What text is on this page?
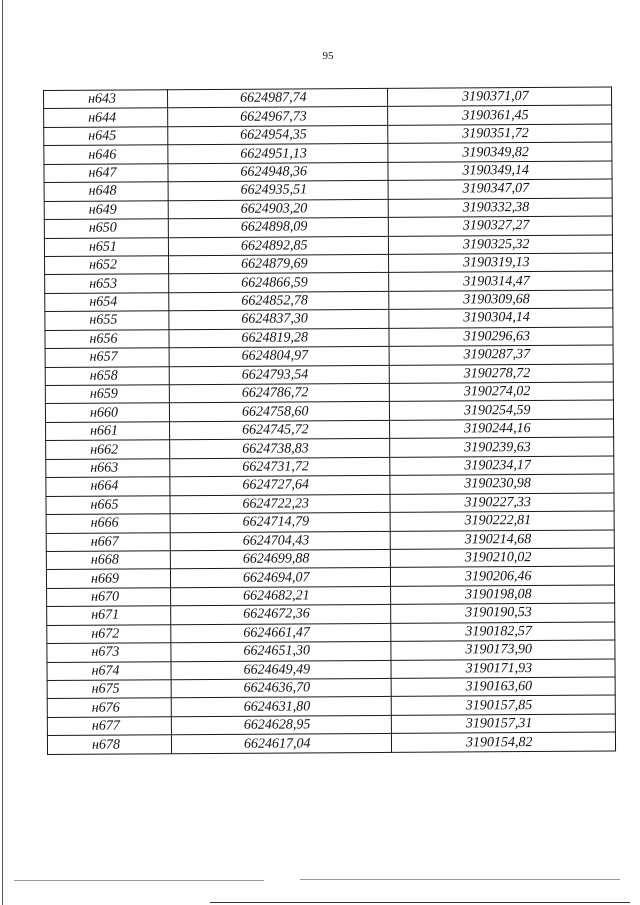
95
н643	6624987,74	3190371,07
н644	6624967,73	3190361,45
н645	6624954,35	3190351,72
н646	6624951,13	3190349,82
н647	6624948,36	3190349,14
н648	6624935,51	3190347,07
н649	6624903,20	3190332,38
н650	6624898,09	3190327,27
н651	6624892,85	3190325,32
н652	6624879,69	3190319,13
н653	6624866,59	3190314,47
н654	6624852,78	3190309,68
н655	6624837,30	3190304,14
н656	6624819,28	3190296,63
н657	6624804,97	3190287,37
н658	6624793,54	3190278,72
н659	6624786,72	3190274,02
н660	6624758,60	3190254,59
н661	6624745,72	3190244,16
н662	6624738,83	3190239,63
н663	6624731,72	3190234,17
н664	6624727,64	3190230,98
н665	6624722,23	3190227,33
н666	6624714,79	3190222,81
н667	6624704,43	3190214,68
н668	6624699,88	3190210,02
н669	6624694,07	3190206,46
н670	6624682,21	3190198,08
н671	6624672,36	3190190,53
н672	6624661,47	3190182,57
н673	6624651,30	3190173,90
н674	6624649,49	3190171,93
н675	6624636,70	3190163,60
н676	6624631,80	3190157,85
н677	6624628,95	3190157,31
н678	6624617,04	3190154,82
